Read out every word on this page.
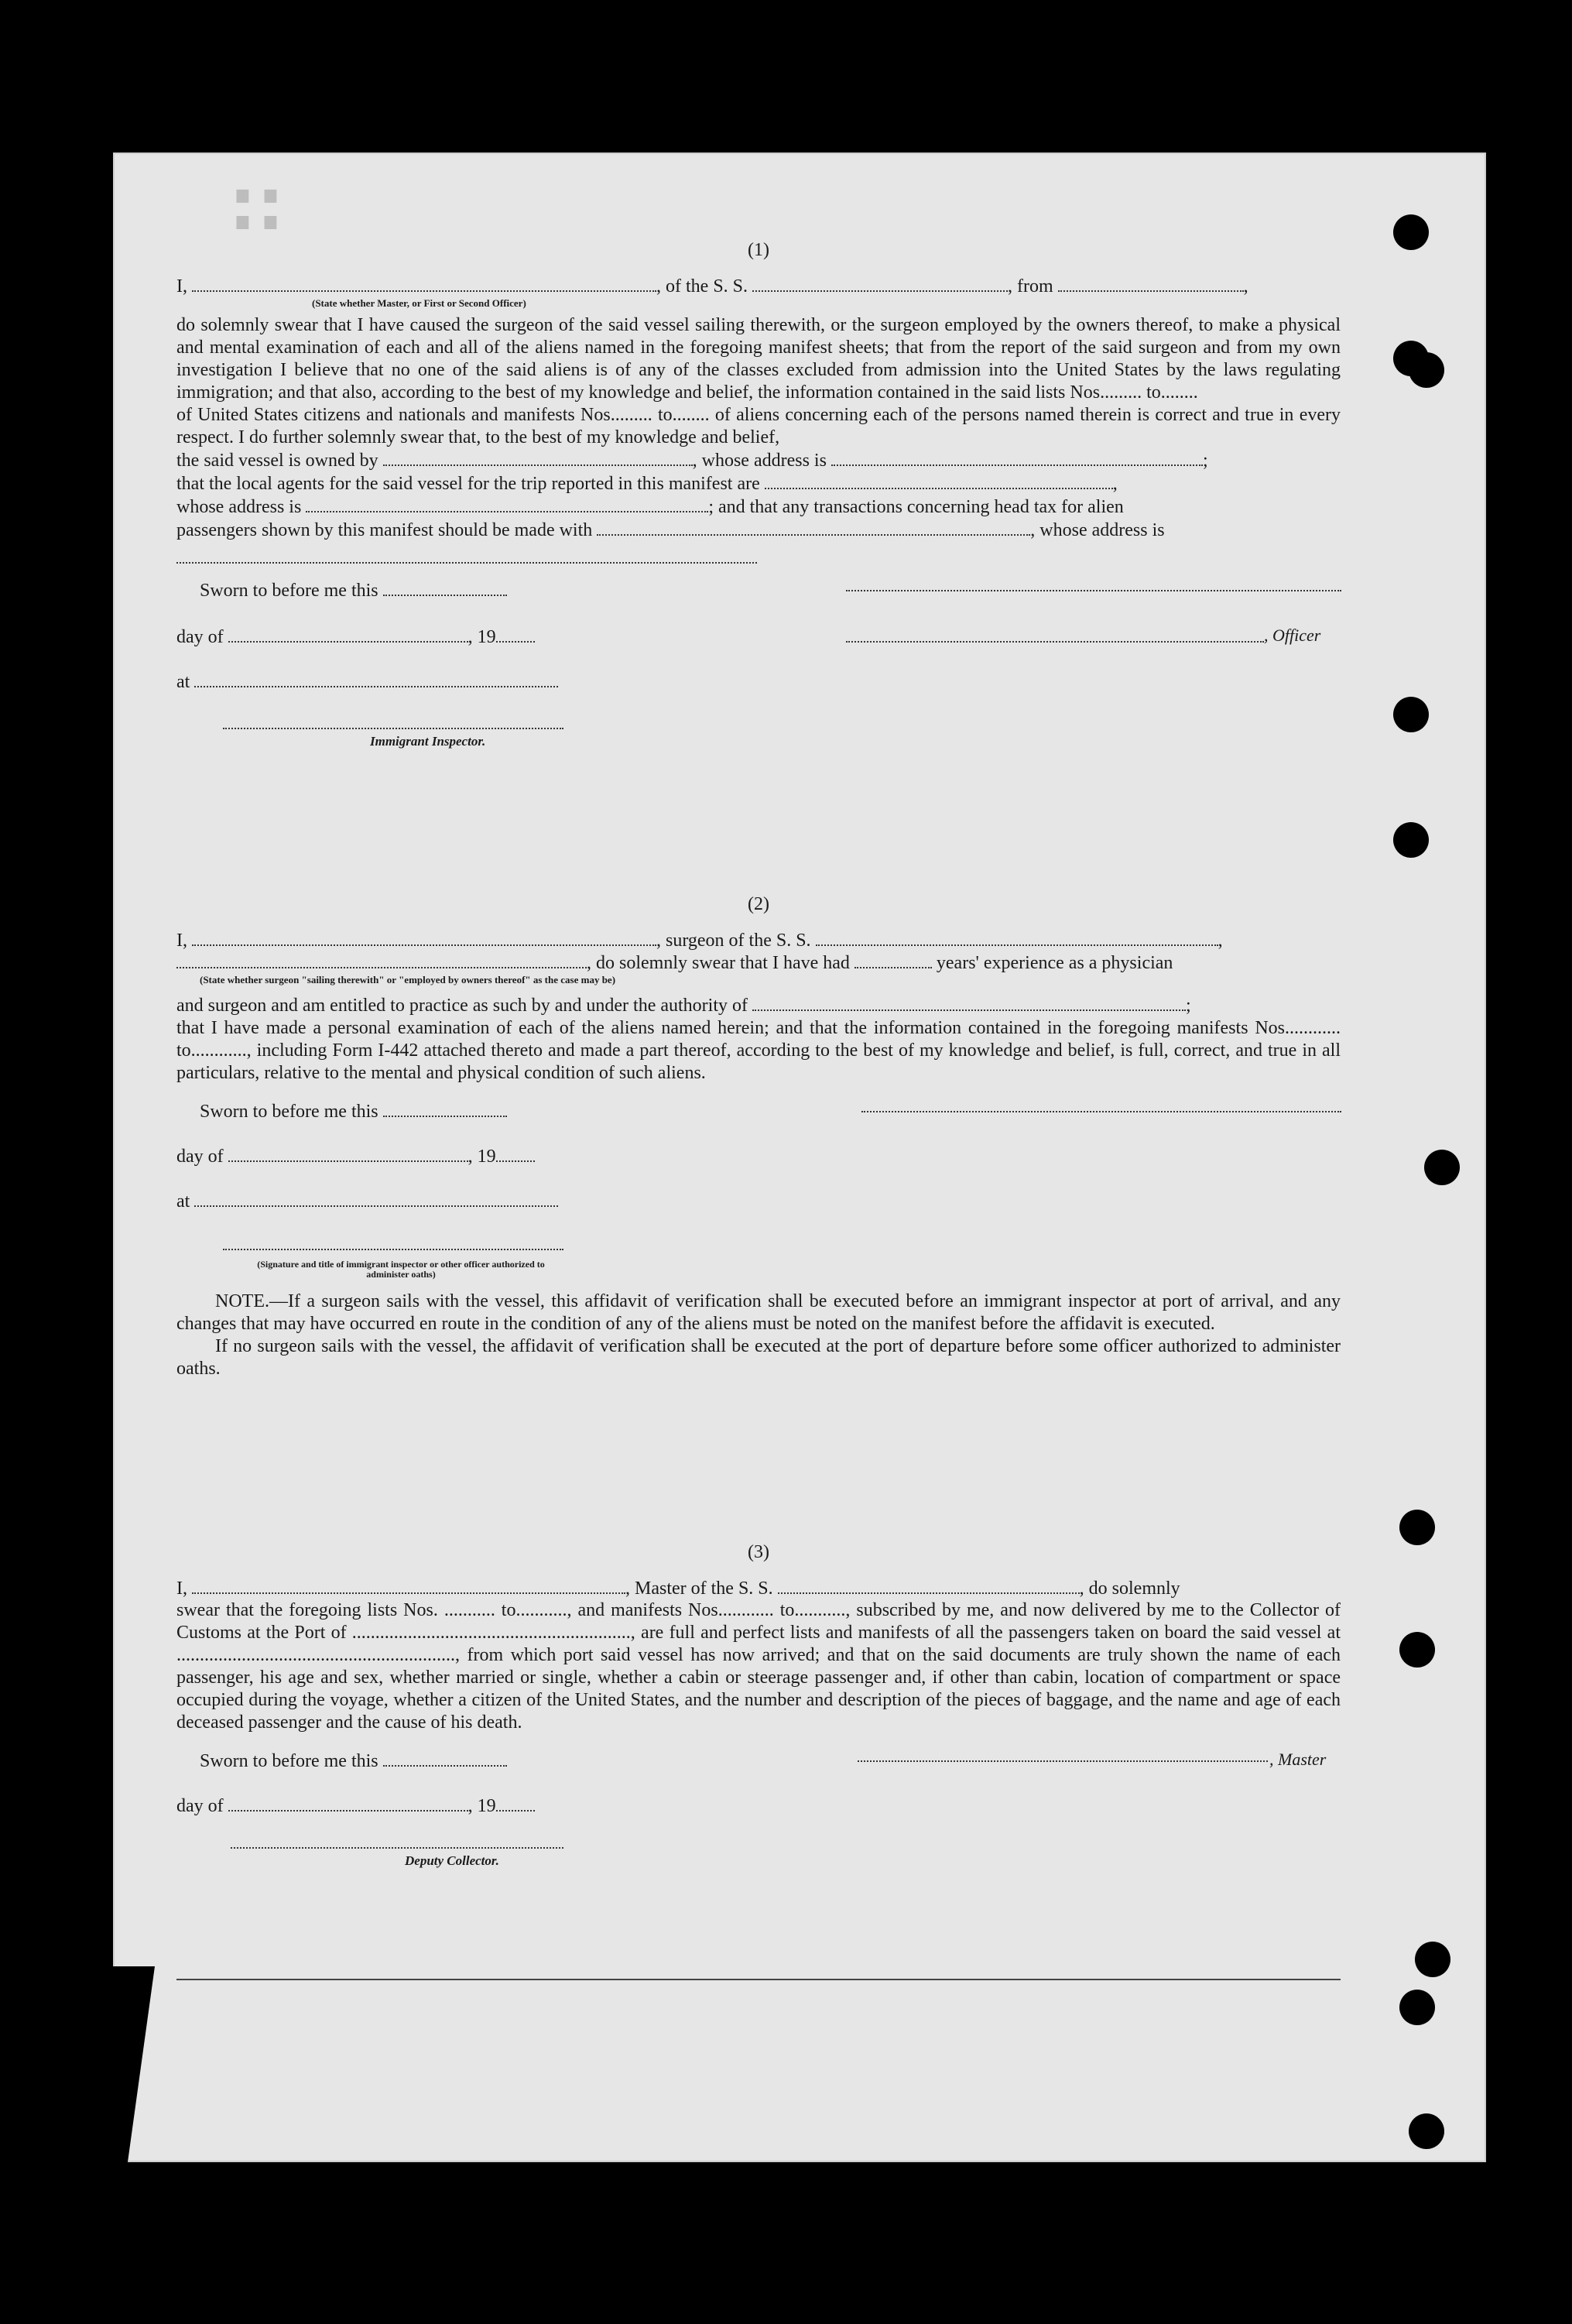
∷	(1)
I,	, of the S. S.	, from	,
(State whether Master, or First or Second Officer)

do solemnly swear that I have caused the surgeon of the said vessel sailing therewith, or the surgeon employed by the owners thereof, to make a physical and mental examination of each and all of the aliens named in the foregoing manifest sheets; that from the report of the said surgeon and from my own investigation I believe that no one of the said aliens is of any of the classes excluded from admission into the United States by the laws regulating immigration; and that also, according to the best of my knowledge and belief, the information contained in the said lists Nos......... to........

of United States citizens and nationals and manifests Nos......... to........ of aliens concerning each of the persons named therein is correct and true in every respect. I do further solemnly swear that, to the best of my knowledge and belief,

the said vessel is owned by	, whose address is	;
that the local agents for the said vessel for the trip reported in this manifest are	,
whose address is	; and that any transactions concerning head tax for alien
passengers shown by this manifest should be made with	, whose address is
Sworn to before me this
day of	, 19
at
Immigrant Inspector.
, Officer
(2)
I,	, surgeon of the S. S.	,
, do solemnly swear that I have had	years' experience as a physician
(State whether surgeon "sailing therewith" or "employed by owners thereof" as the case may be)
and surgeon and am entitled to practice as such by and under the authority of	;

that I have made a personal examination of each of the aliens named herein; and that the information contained in the foregoing manifests Nos............ to............, including Form I-442 attached thereto and made a part thereof, according to the best of my knowledge and belief, is full, correct, and true in all particulars, relative to the mental and physical condition of such aliens.

Sworn to before me this
day of	, 19
at
(Signature and title of immigrant inspector or other officer authorized to administer oaths)

NOTE.—If a surgeon sails with the vessel, this affidavit of verification shall be executed before an immigrant inspector at port of arrival, and any changes that may have occurred en route in the condition of any of the aliens must be noted on the manifest before the affidavit is executed.

If no surgeon sails with the vessel, the affidavit of verification shall be executed at the port of departure before some officer authorized to administer oaths.

(3)
I,	, Master of the S. S.	, do solemnly

swear that the foregoing lists Nos. ........... to..........., and manifests Nos............ to..........., subscribed by me, and now delivered by me to the Collector of Customs at the Port of ............................................................, are full and perfect lists and manifests of all the passengers taken on board the said vessel at ............................................................, from which port said vessel has now arrived; and that on the said documents are truly shown the name of each passenger, his age and sex, whether married or single, whether a cabin or steerage passenger and, if other than cabin, location of compartment or space occupied during the voyage, whether a citizen of the United States, and the number and description of the pieces of baggage, and the name and age of each deceased passenger and the cause of his death.

Sworn to before me this
day of	, 19
Deputy Collector.
, Master
